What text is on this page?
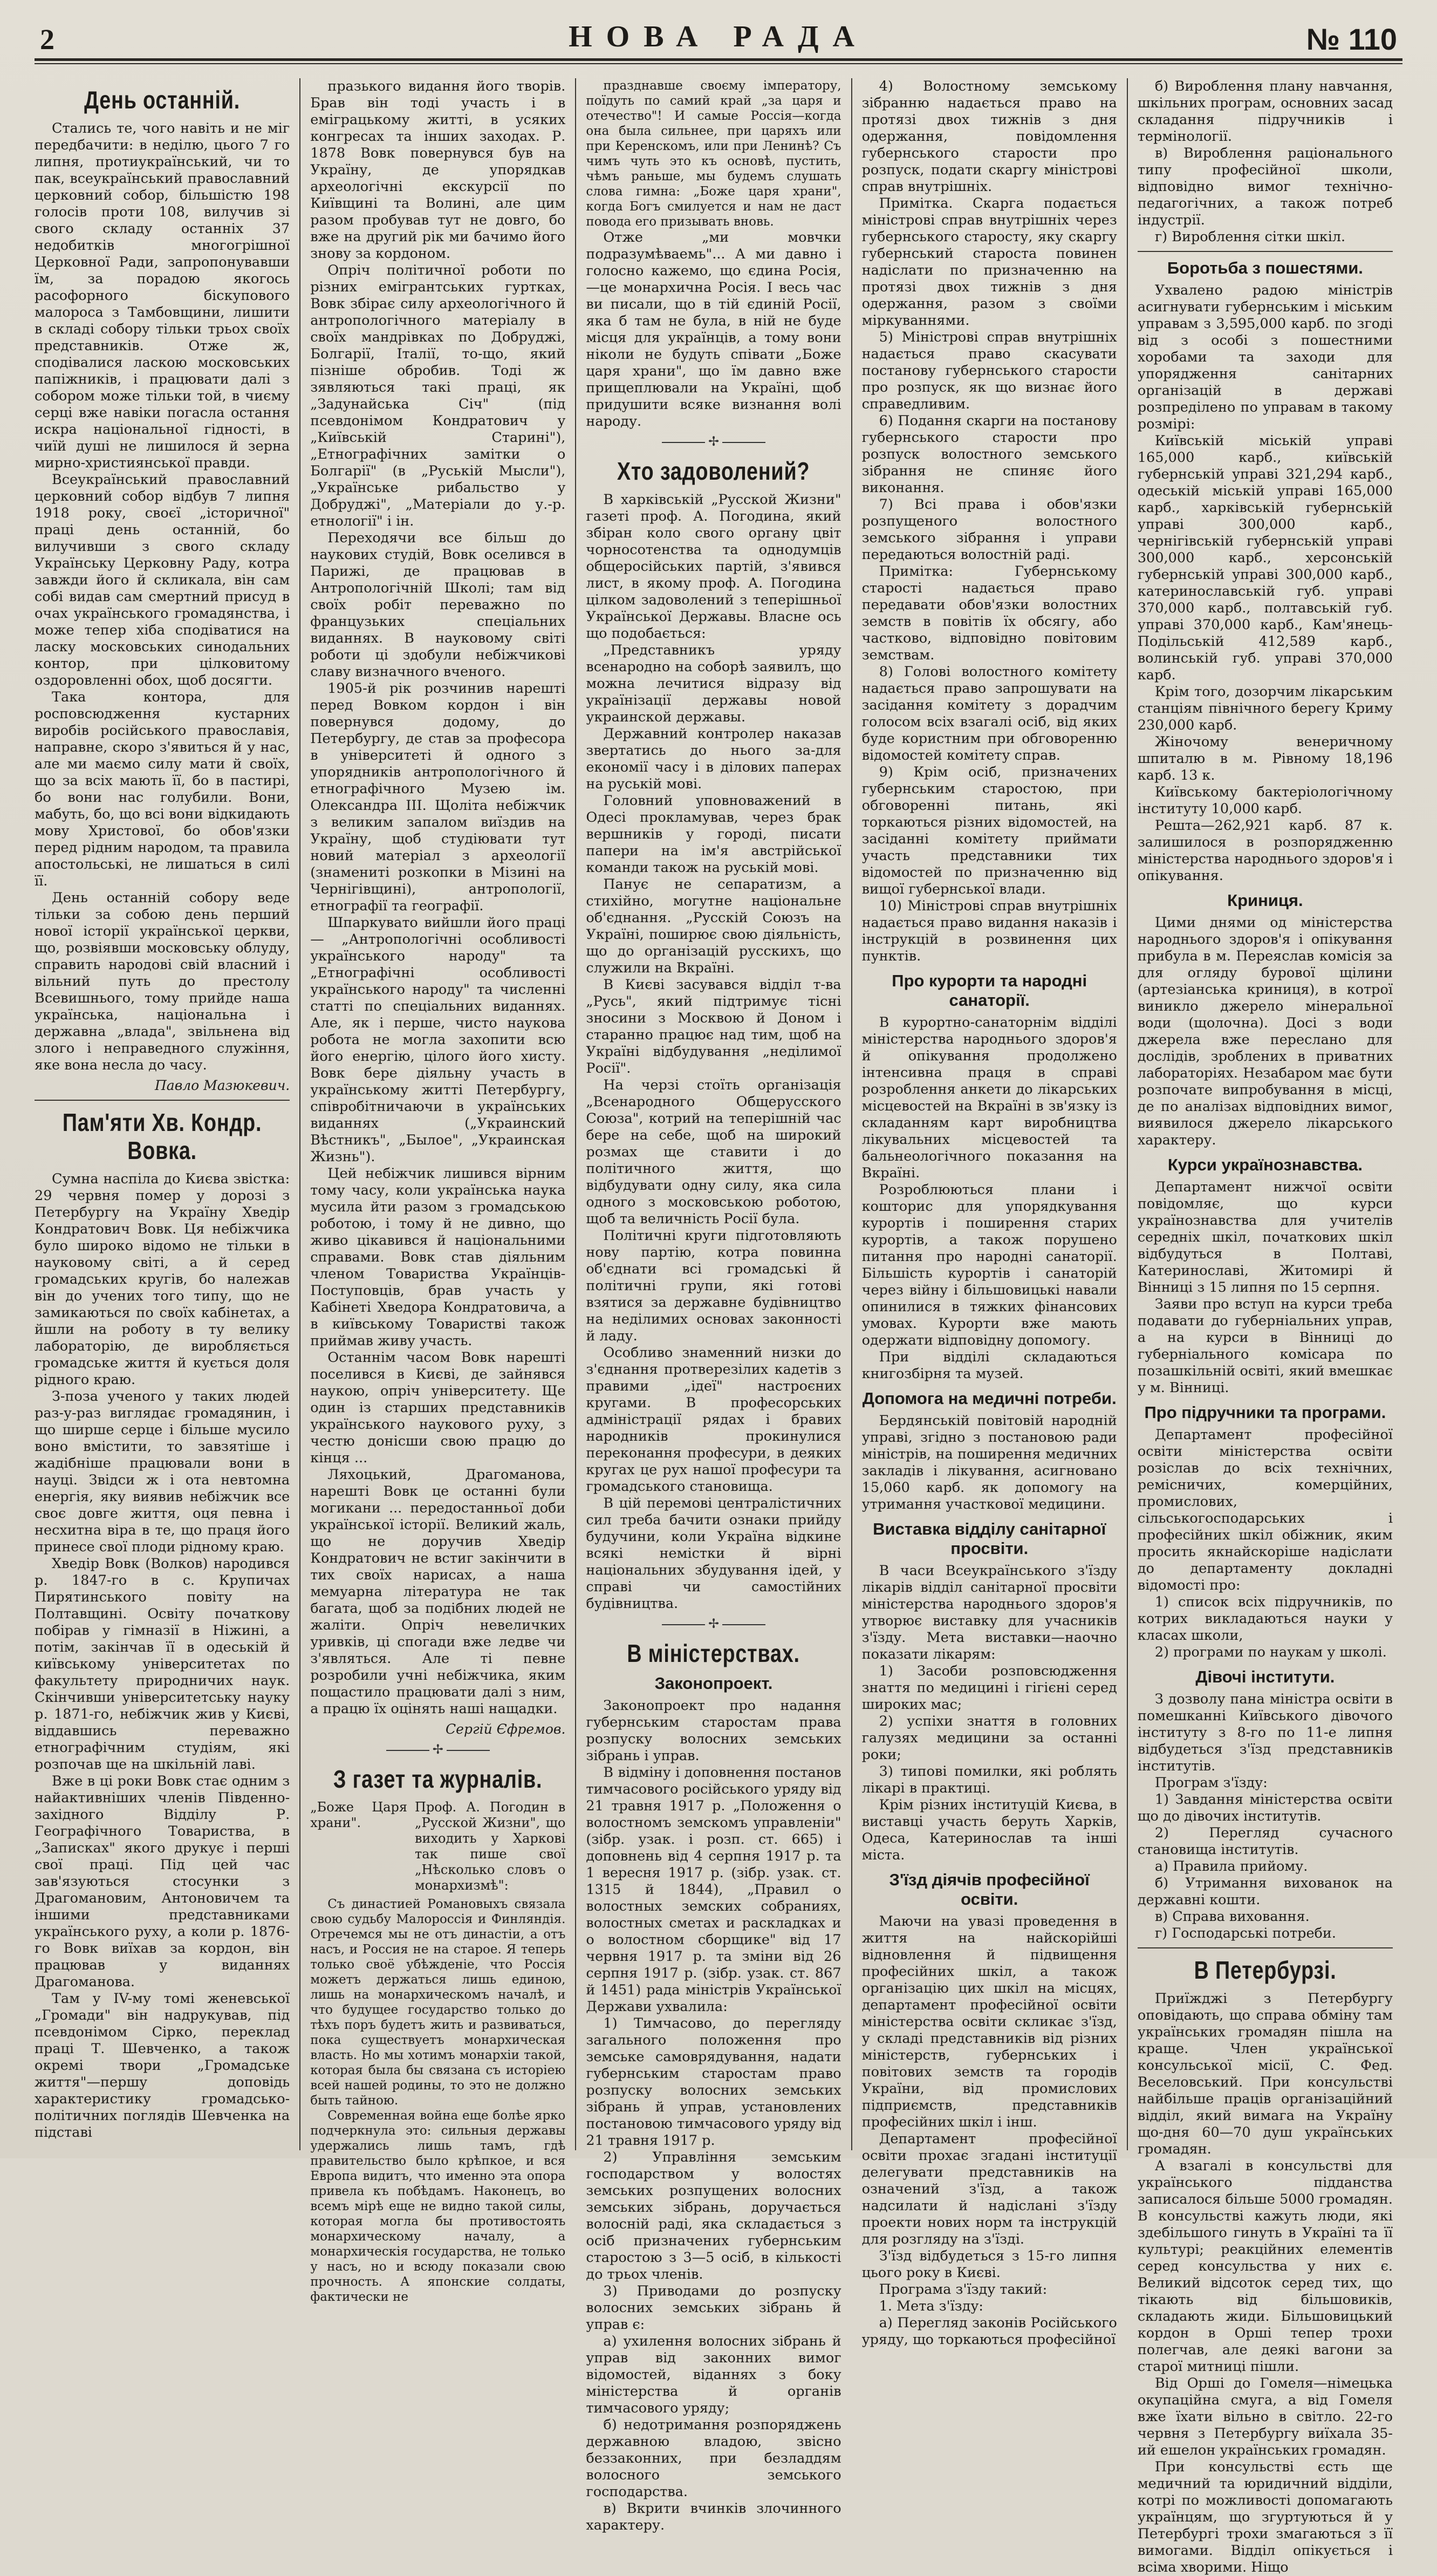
2	НОВА РАДА	№ 110
День останній.

Стались те, чого навіть и не міг передбачити: в неділю, цього 7 го липня, протиукраїнський, чи то пак, всеукраїнський православний церковний собор, більшістю 198 голосів проти 108, вилучив зі свого складу останніх 37 недобитків многогрішної Церковної Ради, запропонувавши їм, за порадою якогось расофорного біскупового малороса з Тамбовщини, лишити в складі собору тільки трьох своїх представників. Отже ж, сподівалися ласкою московських папіжників, і працювати далі з собором може тільки той, в чиєму серці вже навіки погасла остання искра національної гідності, в чиїй душі не лишилося й зерна мирно-християнської правди.

Всеукраїнський православний церковний собор відбув 7 липня 1918 року, своєї „історичної" праці день останній, бо вилучивши з свого складу Українську Церковну Раду, котра завжди його й скликала, він сам собі видав сам смертний присуд в очах українського громадянства, і може тепер хіба сподіватися на ласку московських синодальних контор, при цілковитому оздоровленні обох, щоб досягти.

Така контора, для росповсюдження кустарних виробів російського православія, направне, скоро з'явиться й у нас, але ми маємо силу мати й своїх, що за всіх мають її, бо в пастирі, бо вони нас голубили. Вони, мабуть, бо, що всі вони відкидають мову Христової, бо обов'язки перед рідним народом, та правила апостольські, не лишаться в силі її.

День останній собору веде тільки за собою день перший нової історії української церкви, що, розвіявши московську облуду, справить народові свій власний і вільний путь до престолу Всевишнього, тому прийде наша українська, національна і державна „влада", звільнена від злого і неправедного служіння, яке вона несла до часу.

Павло Мазюкевич.
Пам'яти Хв. Кондр. Вовка.

Сумна наспіла до Києва звістка: 29 червня помер у дорозі з Петербургу на Україну Хведір Кондратович Вовк. Ця небіжчика було широко відомо не тільки в науковому світі, а й серед громадських кругів, бо належав він до учених того типу, що не замикаються по своїх кабінетах, а йшли на роботу в ту велику лабораторію, де виробляється громадське життя й кується доля рідного краю.

З-поза ученого у таких людей раз-у-раз виглядає громадянин, і що ширше серце і більше мусило воно вмістити, то завзятіше і жадібніше працювали вони в науці. Звідси ж і ота невтомна енергія, яку виявив небіжчик все своє довге життя, оця певна і несхитна віра в те, що праця його принесе свої плоди рідному краю.

Хведір Вовк (Волков) народився р. 1847-го в с. Крупичах Пирятинського повіту на Полтавщині. Освіту початкову побірав у гімназії в Ніжині, а потім, закінчав її в одеській й київському університетах по факультету природничих наук. Скінчивши університетську науку р. 1871-го, небіжчик жив у Києві, віддавшись переважно етнографічним студіям, які розпочав ще на шкільній лаві.

Вже в ці роки Вовк стає одним з найактивніших членів Південно-західного Відділу Р. Географічного Товариства, в „Записках" якого друкує і перші свої праці. Під цей час зав'язуються стосунки з Драгомановим, Антоновичем та іншими представниками українського руху, а коли р. 1876-го Вовк виїхав за кордон, він працював у виданнях Драгоманова.

Там у IV-му томі женевської „Громади" він надрукував, під псевдонімом Сірко, переклад праці Т. Шевченко, а також окремі твори „Громадське життя"—першу доповідь характеристику громадсько-політичних поглядів Шевченка на підставі

празького видання його творів. Брав він тоді участь і в еміграцькому житті, в усяких конгресах та інших заходах. Р. 1878 Вовк повернувся був на Україну, де упорядкав археологічні екскурсії по Київщині та Волині, але цим разом пробував тут не довго, бо вже на другий рік ми бачимо його знову за кордоном.

Опріч політичної роботи по різних емігрантських гуртках, Вовк збірає силу археологічного й антропологічного матеріалу в своїх мандрівках по Добруджі, Болгарії, Італії, то-що, який пізніше обробив. Тоді ж зявляються такі праці, як „Задунайська Січ" (під псевдонімом Кондратович у „Київській Старині"), „Етнографічних замітки о Болгарії" (в „Руській Мысли"), „Українське рибальство у Добруджі", „Матеріали до у.-р. етнології" і ін.

Переходячи все більш до наукових студій, Вовк оселився в Парижі, де працював в Антропологічній Школі; там від своїх робіт переважно по французьких спеціальних виданнях. В науковому світі роботи ці здобули небіжчикові славу визначного вченого.

1905-й рік розчинив нарешті перед Вовком кордон і він повернувся додому, до Петербургу, де став за професора в університеті й одного з упорядників антропологічного й етнографічного Музею ім. Олександра III. Щоліта небіжчик з великим запалом виїздив на Україну, щоб студіювати тут новий матеріал з археології (знамениті розкопки в Мізині на Чернігівщині), антропології, етнографії та географії.

Шпаркувато вийшли його праці — „Антропологічні особливості українського народу" та „Етнографічні особливості українського народу" та численні статті по спеціальних виданнях. Але, як і перше, чисто наукова робота не могла захопити всю його енергію, цілого його хисту. Вовк бере діяльну участь в українському житті Петербургу, співробітничаючи в українських виданнях („Украинский Вѣстникъ", „Былое", „Украинская Жизнь").

Цей небіжчик лишився вірним тому часу, коли українська наука мусила йти разом з громадською роботою, і тому й не дивно, що живо цікавився й національними справами. Вовк став діяльним членом Товариства Українців-Поступовців, брав участь у Кабінеті Хведора Кондратовича, а в київському Товаристві також приймав живу участь.

Останнім часом Вовк нарешті поселився в Києві, де зайнявся наукою, опріч університету. Ще один із старших представників українського наукового руху, з честю донісши свою працю до кінця ...

Ляхоцький, Драгоманова, нарешті Вовк це останні були могикани ... передостанньої доби української історії. Великий жаль, що не доручив Хведір Кондратович не встиг закінчити в тих своїх нарисах, а наша мемуарна література не так багата, щоб за подібних людей не жаліти. Опріч невеличких уривків, ці спогади вже ледве чи з'являться. Але ті певне розробили учні небіжчика, яким пощастило працювати далі з ним, а працю їх оцінять наші нащадки.

Сергій Єфремов.
✢
З газет та журналів.

„Боже Царя храни".

Проф. А. Погодин в „Русской Жизни", що виходить у Харкові так пише свої „Нѣсколько словъ о монархизмѣ":

Съ династией Романовыхъ связала свою судьбу Малороссія и Финляндія. Отречемся мы не отъ династіи, а отъ насъ, и Россия не на старое. Я теперь только своё убѣжденіе, что Россія можетъ держаться лишь единою, лишь на монархическомъ началѣ, и что будущее государство только до тѣхъ поръ будетъ жить и развиваться, пока существуетъ монархическая власть. Но мы хотимъ монархіи такой, которая была бы связана съ исторіею всей нашей родины, то это не должно быть тайною.

Современная война еще болѣе ярко подчеркнула это: сильныя державы удержались лишь тамъ, гдѣ правительство было крѣпкое, и вся Европа видитъ, что именно эта опора привела къ побѣдамъ. Наконецъ, во всемъ мірѣ еще не видно такой силы, которая могла бы противостоять монархическому началу, а монархическія государства, не только у насъ, но и всюду показали свою прочность. А японские солдаты, фактически не

празднавше своєму імператору, поїдуть по самий край „за царя и отечество"! И самые Россія—когда она была сильнее, при царяхъ или при Керенскомъ, или при Ленинѣ? Съ чимъ чуть это къ основѣ, пустить, чѣмъ раньше, мы будемъ слушать слова гимна: „Боже царя храни", когда Богъ смилуется и нам не даст повода его призывать вновь.

Отже „ми мовчки подразумѣваемь"... А ми давно і голосно кажемо, що єдина Росія,—це монархична Росія. І весь час ви писали, що в тій єдиній Росії, яка б там не була, в ній не буде місця для українців, а тому вони ніколи не будуть співати „Боже царя храни", що їм давно вже прищеплювали на Україні, щоб придушити всяке визнання волі народу.

✢
Хто задоволений?

В харківській „Русской Жизни" газеті проф. А. Погодина, який збіран коло свого органу цвіт чорносотенства та однодумців общеросійських партій, з'явився лист, в якому проф. А. Погодина цілком задоволений з теперішньої Української Державы. Власне ось що подобається:

„Представникъ уряду всенародно на соборѣ заявилъ, що можна лечитися відразу від українізації державы новой украинской державы.

Державний контролер наказав звертатись до нього за-для економії часу і в ділових паперах на руській мові.

Головний уповноважений в Одесі прокламував, через брак вершників у городі, писати папери на ім'я австрійської команди також на руській мові.

Панує не сепаратизм, а стихійно, могутне національне об'єднання. „Русскій Союзъ на Україні, поширює свою діяльність, що до організацій русскихъ, що служили на Вкраїні.

В Києві засувався відділ т-ва „Русь", який підтримує тісні зносини з Москвою й Доном і старанно працює над тим, щоб на Україні відбудування „неділимої Росії".

На черзі стоїть організація „Всенародного Общерусского Союза", котрий на теперішній час бере на себе, щоб на широкий розмах ще ставити і до політичного життя, що відбудувати одну силу, яка сила одного з московською роботою, щоб та величність Росії була.

Політичні круги підготовляють нову партію, котра повинна об'єднати всі громадські й політичні групи, які готові взятися за державне будівництво на неділимих основах законності й ладу.

Особливо знаменний низки до з'єднання протверезілих кадетів з правими „ідеї" настроєних кругами. В професорських адміністрації рядах і бравих народників прокинулися переконання професури, в деяких кругах це рух нашої професури та громадського становища.

В цій перемові централістичних сил треба бачити ознаки прийду будучини, коли Україна відкине всякі немістки й вірні національних збудування ідей, у справі чи самостійних будівництва.

✢
В міністерствах.
Законопроект.

Законопроект про надання губернським старостам права розпуску волосних земських зібрань і управ.

В відміну і доповнення постанов тимчасового російського уряду від 21 травня 1917 р. „Положення о волостномъ земскомъ управленіи" (зібр. узак. і розп. ст. 665) і доповнень від 4 серпня 1917 р. та 1 вересня 1917 р. (зібр. узак. ст. 1315 й 1844), „Правил о волостных земских собраниях, волостных сметах и раскладках и о волостном сборщике" від 17 червня 1917 р. та зміни від 26 серпня 1917 р. (зібр. узак. ст. 867 й 1451) рада міністрів Української Держави ухвалила:

1) Тимчасово, до перегляду загального положення про земське самоврядування, надати губернським старостам право розпуску волосних земських зібрань й управ, установлених постановою тимчасового уряду від 21 травня 1917 р.

2) Управління земським господарством у волостях земських розпущених волосних земських зібрань, доручається волосній раді, яка складається з осіб призначених губернським старостою з 3—5 осіб, в кількості до трьох членів.

3) Приводами до розпуску волосних земських зібрань й управ є:

а) ухилення волосних зібрань й управ від законних вимог відомостей, віданнях з боку міністерства й органів тимчасового уряду;

б) недотримання розпоряджень державною владою, звісно беззаконних, при безладдям волосного земського господарства.

в) Вкрити вчинків злочинного характеру.

4) Волостному земському зібранню надається право на протязі двох тижнів з дня одержання, повідомлення губернського старости про розпуск, подати скаргу міністрові справ внутрішніх.

Примітка. Скарга подається міністрові справ внутрішніх через губернського старосту, яку скаргу губернський староста повинен надіслати по призначенню на протязі двох тижнів з дня одержання, разом з своїми міркуваннями.

5) Міністрові справ внутрішніх надається право скасувати постанову губернського старости про розпуск, як що визнає його справедливим.

6) Подання скарги на постанову губернського старости про розпуск волостного земського зібрання не спиняє його виконання.

7) Всі права і обов'язки розпущеного волостного земського зібрання і управи передаються волостній раді.

Примітка: Губернському старості надається право передавати обов'язки волостних земств в повітів їх обсягу, або частково, відповідно повітовим земствам.

8) Голові волостного комітету надається право запрошувати на засідання комітету з дорадчим голосом всіх взагалі осіб, від яких буде користним при обговоренню відомостей комітету справ.

9) Крім осіб, призначених губернським старостою, при обговоренні питань, які торкаються різних відомостей, на засіданні комітету приймати участь представники тих відомостей по призначенню від вищої губернської влади.

10) Міністрові справ внутрішніх надається право видання наказів і інструкцій в розвинення цих пунктів.

Про курорти та народні санаторії.

В курортно-санаторнім відділі міністерства народнього здоров'я й опікування продолжено інтенсивна праця в справі розроблення анкети до лікарських місцевостей на Вкраїні в зв'язку із складанням карт виробництва лікувальних місцевостей та бальнеологічного показання на Вкраїні.

Розроблюються плани і кошторис для упорядкування курортів і поширення старих курортів, а також порушено питання про народні санаторії. Більшість курортів і санаторій через війну і більшовицькі навали опинилися в тяжких фінансових умовах. Курорти вже мають одержати відповідну допомогу.

При відділі складаються книгозбірня та музей.

Допомога на медичні потреби.

Бердянській повітовій народній управі, згідно з постановою ради міністрів, на поширення медичних закладів і лікування, асигновано 15,060 карб. як допомогу на утримання участкової медицини.

Виставка відділу санітарної просвіти.

В часи Всеукраїнського з'їзду лікарів відділ санітарної просвіти міністерства народнього здоров'я утворює виставку для учасників з'їзду. Мета виставки—наочно показати лікарям:

1) Засоби розповсюдження знаття по медицині і гігієні серед широких мас;

2) успіхи знаття в головних галузях медицини за останні роки;

3) типові помилки, які роблять лікарі в практиці.

Крім різних інституцій Києва, в виставці участь беруть Харків, Одеса, Катеринослав та інші міста.

З'їзд діячів професійної освіти.

Маючи на увазі проведення в життя на найскорійші відновлення й підвищення професійних шкіл, а також організацію цих шкіл на місцях, департамент професійної освіти міністерства освіти скликає з'їзд, у складі представників від різних міністерств, губернських і повітових земств та городів України, від промислових підприємств, представників професійних шкіл і інш.

Департамент професійної освіти прохає згадані інституції делегувати представників на означений з'їзд, а також надсилати й надіслані з'їзду проекти нових норм та інструкцій для розгляду на з'їзді.

З'їзд відбудеться з 15-го липня цього року в Києві.

Програма з'їзду такий:

1. Мета з'їзду:

а) Перегляд законів Російського уряду, що торкаються професійної

б) Вироблення плану навчання, шкільних програм, основних засад складання підручників і термінології.

в) Вироблення раціонального типу професійної школи, відповідно вимог технічно-педагогічних, а також потреб індустрії.

г) Вироблення сітки шкіл.

Боротьба з пошестями.

Ухвалено радою міністрів асигнувати губернським і міським управам з 3,595,000 карб. по згоді від з особі з пошестними хоробами та заходи для упорядження санітарних організацій в державі розпреділено по управам в такому розмірі:

Київській міській управі 165,000 карб., київській губернській управі 321,294 карб., одеській міській управі 165,000 карб., харківській губернській управі 300,000 карб., чернігівській губернській управі 300,000 карб., херсонській губернській управі 300,000 карб., катеринославській губ. управі 370,000 карб., полтавській губ. управі 370,000 карб., Кам'янець-Подільській 412,589 карб., волинській губ. управі 370,000 карб.

Крім того, дозорчим лікарським станціям північного берегу Криму 230,000 карб.

Жіночому венеричному шпиталю в м. Рівному 18,196 карб. 13 к.

Київському бактеріологічному інституту 10,000 карб.

Решта—262,921 карб. 87 к. залишилося в розпорядженню міністерства народнього здоров'я і опікування.

Криниця.

Цими днями од міністерства народнього здоров'я і опікування прибула в м. Переяслав комісія за для огляду бурової щілини (артезіанська криниця), в котрої виникло джерело мінеральної води (щолочна). Досі з води джерела вже переслано для дослідів, зроблених в приватних лабораторіях. Незабаром має бути розпочате випробування в місці, де по аналізах відповідних вимог, виявилося джерело лікарського характеру.

Курси українознавства.

Департамент нижчої освіти повідомляє, що курси українознавства для учителів середніх шкіл, початкових шкіл відбудуться в Полтаві, Катеринославі, Житомирі й Вінниці з 15 липня по 15 серпня.

Заяви про вступ на курси треба подавати до губерніальних управ, а на курси в Вінниці до губерніального комісара по позашкільній освіті, який вмешкає у м. Вінниці.

Про підручники та програми.

Департамент професійної освіти міністерства освіти розіслав до всіх технічних, ремісничих, комерційних, промислових, сільськогосподарських і професійних шкіл обіжник, яким просить якнайскоріше надіслати до департаменту докладні відомості про:

1) список всіх підручників, по котрих викладаються науки у класах школи,

2) програми по наукам у школі.

Дівочі інститути.

З дозволу пана міністра освіти в помешканні Київського дівочого інституту з 8-го по 11-е липня відбудеться з'їзд представників інститутів.

Програм з'їзду:

1) Завдання міністерства освіти що до дівочих інститутів.

2) Перегляд сучасного становища інститутів.

а) Правила прийому.

б) Утримання вихованок на державні кошти.

в) Справа виховання.

г) Господарські потреби.

В Петербурзі.

Приїжджі з Петербургу оповідають, що справа обміну там українських громадян пішла на краще. Член української консульської місії, С. Фед. Веселовський. При консульстві найбільше праців організаційний відділ, який вимага на Україну що-дня 60—70 душ українських громадян.

А взагалі в консульстві для українського підданства записалося більше 5000 громадян. В консульстві кажуть люди, які здебільшого гинуть в Україні та її культурі; реакційних елементів серед консульства у них є. Великий відсоток серед тих, що тікають від більшовиків, складають жиди. Більшовицький кордон в Орші тепер трохи полегчав, але деякі вагони за старої митниці пішли.

Від Орші до Гомеля—німецька окупаційна смуга, а від Гомеля вже їхати вільно в світло. 22-го червня з Петербургу виїхала 35-ий ешелон українських громадян.

При консульстві єсть ще медичний та юридичний відділи, котрі по можливості допомагають українцям, що згуртуються й у Петербургі трохи змагаються з її вимогами. Відділ опікується і всіма хворими. Ніщо
